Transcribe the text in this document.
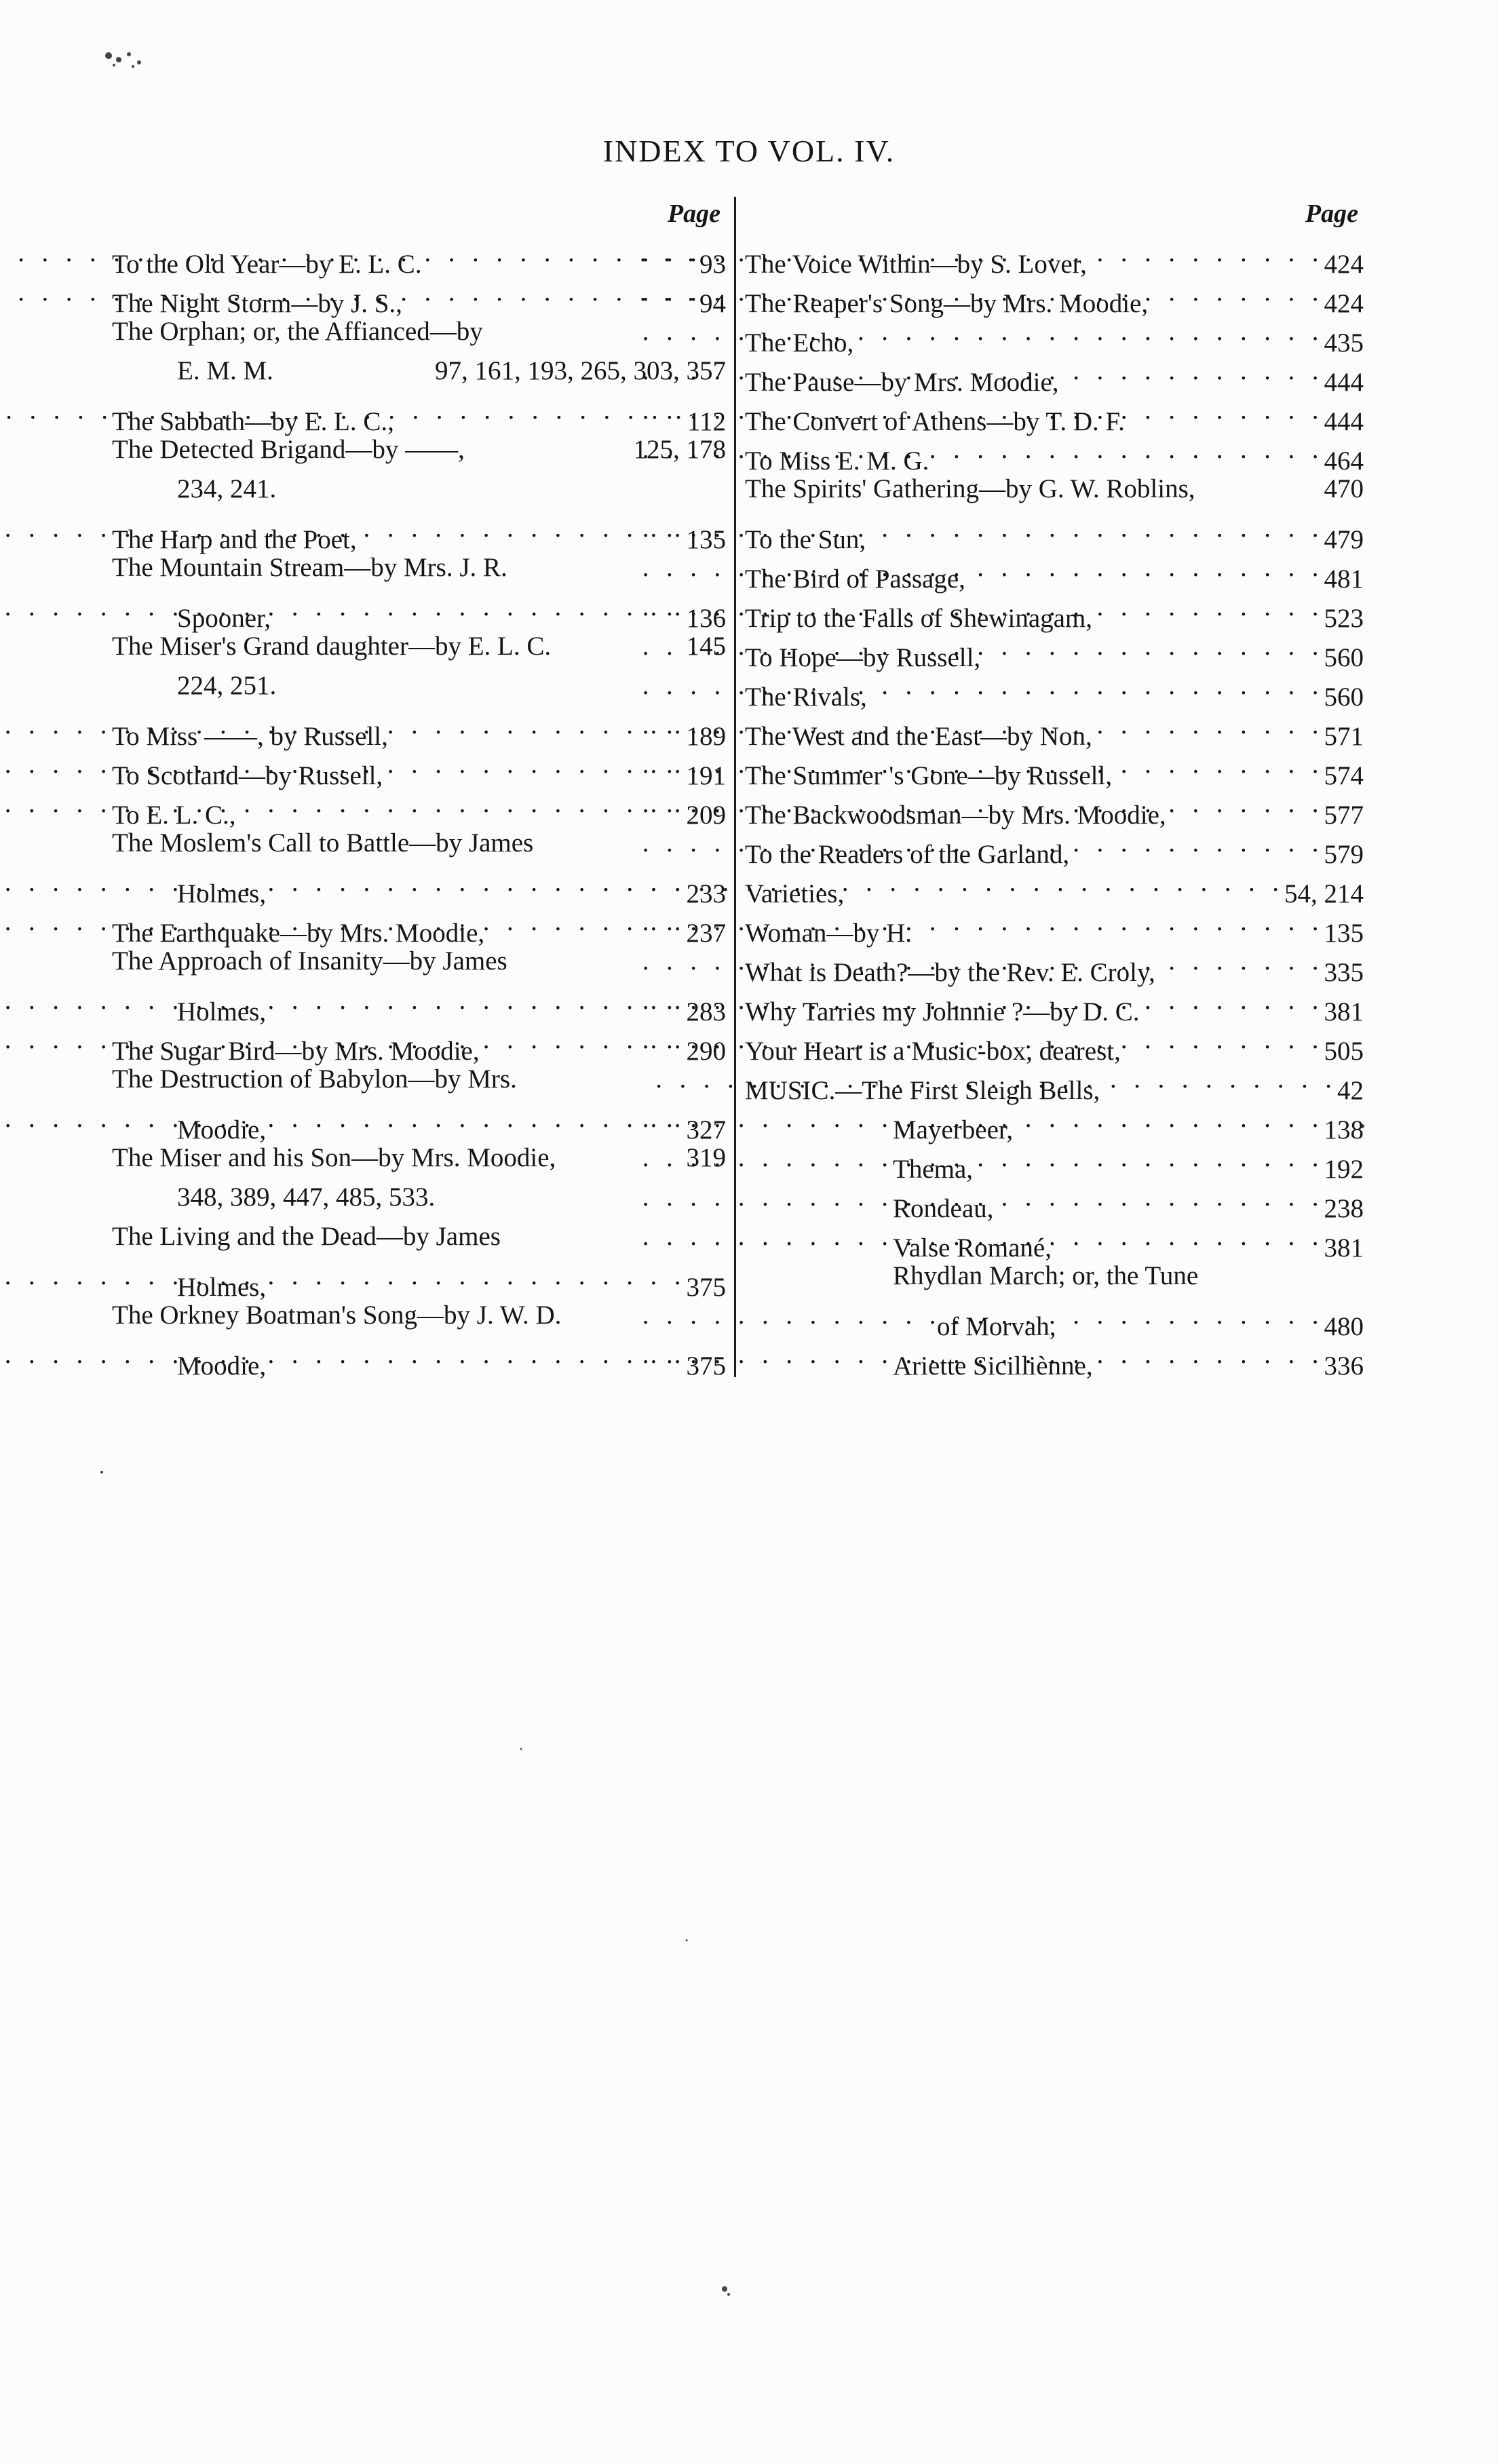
INDEX TO VOL. IV.
Page
To the Old Year—by E. L. C. . .	93
The Night Storm—by J. S., . .	94
The Orphan; or, the Affianced—by
E. M. M.	97, 161, 193, 265, 303, 357
The Sabbath—by E. L. C., . .	112
The Detected Brigand—by ——,	125, 178
234, 241.
The Harp and the Poet, . .	135
The Mountain Stream—by Mrs. J. R.
Spooner, . .	136
The Miser's Grand daughter—by E. L. C.	145
224, 251.
To Miss ——, by Russell, . .	189
To Scotland—by Russell, . .	191
To E. L. C., . .	209
The Moslem's Call to Battle—by James
Holmes, . .	233
The Earthquake—by Mrs. Moodie, . .	237
The Approach of Insanity—by James
Holmes, . .	283
The Sugar Bird—by Mrs. Moodie, . .	290
The Destruction of Babylon—by Mrs.
Moodie, . .	327
The Miser and his Son—by Mrs. Moodie,	319
348, 389, 447, 485, 533.
The Living and the Dead—by James
Holmes, . .	375
The Orkney Boatman's Song—by J. W. D.
Moodie, . .	375
Page
The Voice Within—by S. Lover, . .	424
The Reaper's Song—by Mrs. Moodie, . .	424
The Echo, . .	435
The Pause—by Mrs. Moodie, . .	444
The Convert of Athens—by T. D. F. . .	444
To Miss E. M. G. . .	464
The Spirits' Gathering—by G. W. Roblins,	470
To the Sun, . .	479
The Bird of Passage, . .	481
Trip to the Falls of Shewinagam, . .	523
To Hope—by Russell, . .	560
The Rivals, . .	560
The West and the East—by Non, . .	571
The Summer 's Gone—by Russell, . .	574
The Backwoodsman—by Mrs. Moodie, . .	577
To the Readers of the Garland, . .	579
Varieties, . .	54, 214
Woman—by H. . .	135
What is Death?—by the Rev. E. Croly, . .	335
Why Tarries my Johnnie ?—by D. C. . .	381
Your Heart is a Music-box, dearest, . .	505
MUSIC.—The First Sleigh Bells, . .	42
Mayerbeer, . .	138
Thema, . .	192
Rondeau, . .	238
Valse Romané, . .	381
Rhydlan March; or, the Tune
of Morvah, . .	480
Ariette Sicilliènne, . .	336
